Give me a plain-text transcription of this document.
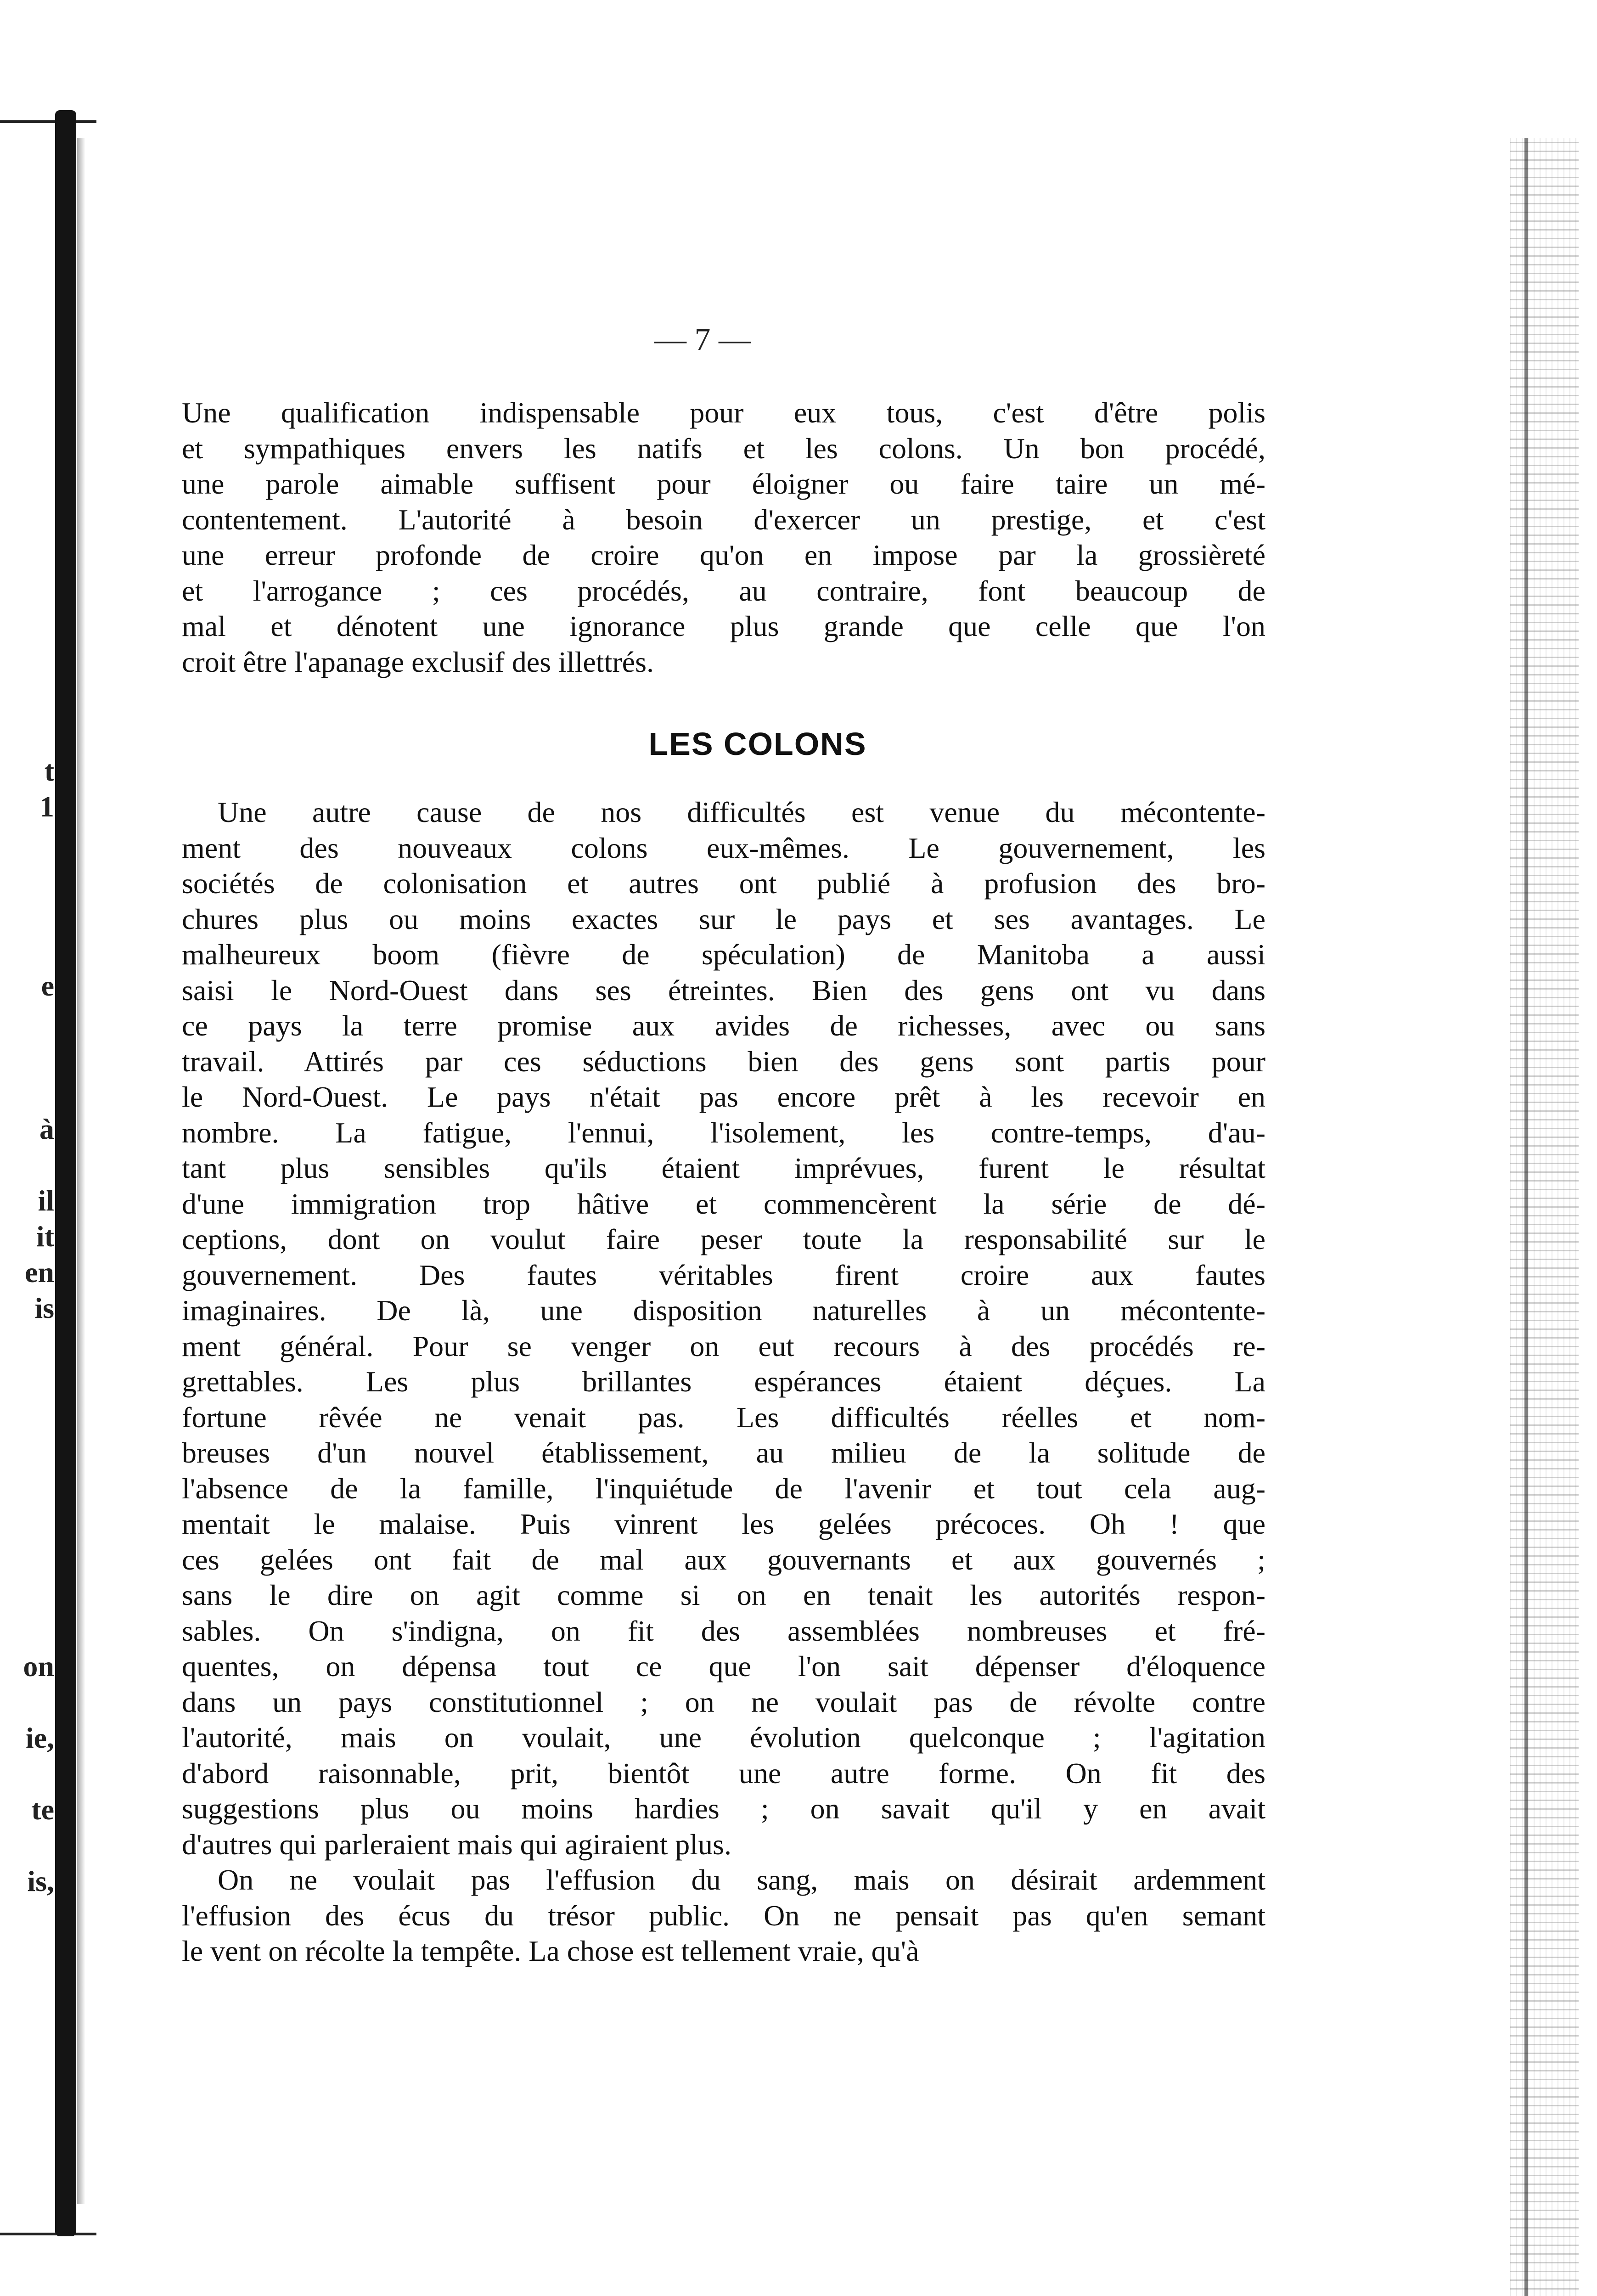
t
1
e
à
il
it
en
is
on
ie,
te
is,
— 7 —
Une qualification indispensable pour eux tous, c'est d'être polis
et sympathiques envers les natifs et les colons. Un bon procédé,
une parole aimable suffisent pour éloigner ou faire taire un mé-
contentement. L'autorité à besoin d'exercer un prestige, et c'est
une erreur profonde de croire qu'on en impose par la grossièreté
et l'arrogance ; ces procédés, au contraire, font beaucoup de
mal et dénotent une ignorance plus grande que celle que l'on
croit être l'apanage exclusif des illettrés.
LES COLONS
Une autre cause de nos difficultés est venue du mécontente-
ment des nouveaux colons eux-mêmes. Le gouvernement, les
sociétés de colonisation et autres ont publié à profusion des bro-
chures plus ou moins exactes sur le pays et ses avantages. Le
malheureux boom (fièvre de spéculation) de Manitoba a aussi
saisi le Nord-Ouest dans ses étreintes. Bien des gens ont vu dans
ce pays la terre promise aux avides de richesses, avec ou sans
travail. Attirés par ces séductions bien des gens sont partis pour
le Nord-Ouest. Le pays n'était pas encore prêt à les recevoir en
nombre. La fatigue, l'ennui, l'isolement, les contre-temps, d'au-
tant plus sensibles qu'ils étaient imprévues, furent le résultat
d'une immigration trop hâtive et commencèrent la série de dé-
ceptions, dont on voulut faire peser toute la responsabilité sur le
gouvernement. Des fautes véritables firent croire aux fautes
imaginaires. De là, une disposition naturelles à un mécontente-
ment général. Pour se venger on eut recours à des procédés re-
grettables. Les plus brillantes espérances étaient déçues. La
fortune rêvée ne venait pas. Les difficultés réelles et nom-
breuses d'un nouvel établissement, au milieu de la solitude de
l'absence de la famille, l'inquiétude de l'avenir et tout cela aug-
mentait le malaise. Puis vinrent les gelées précoces. Oh ! que
ces gelées ont fait de mal aux gouvernants et aux gouvernés ;
sans le dire on agit comme si on en tenait les autorités respon-
sables. On s'indigna, on fit des assemblées nombreuses et fré-
quentes, on dépensa tout ce que l'on sait dépenser d'éloquence
dans un pays constitutionnel ; on ne voulait pas de révolte contre
l'autorité, mais on voulait, une évolution quelconque ; l'agitation
d'abord raisonnable, prit, bientôt une autre forme. On fit des
suggestions plus ou moins hardies ; on savait qu'il y en avait
d'autres qui parleraient mais qui agiraient plus.
On ne voulait pas l'effusion du sang, mais on désirait ardemment
l'effusion des écus du trésor public. On ne pensait pas qu'en semant
le vent on récolte la tempête. La chose est tellement vraie, qu'à
